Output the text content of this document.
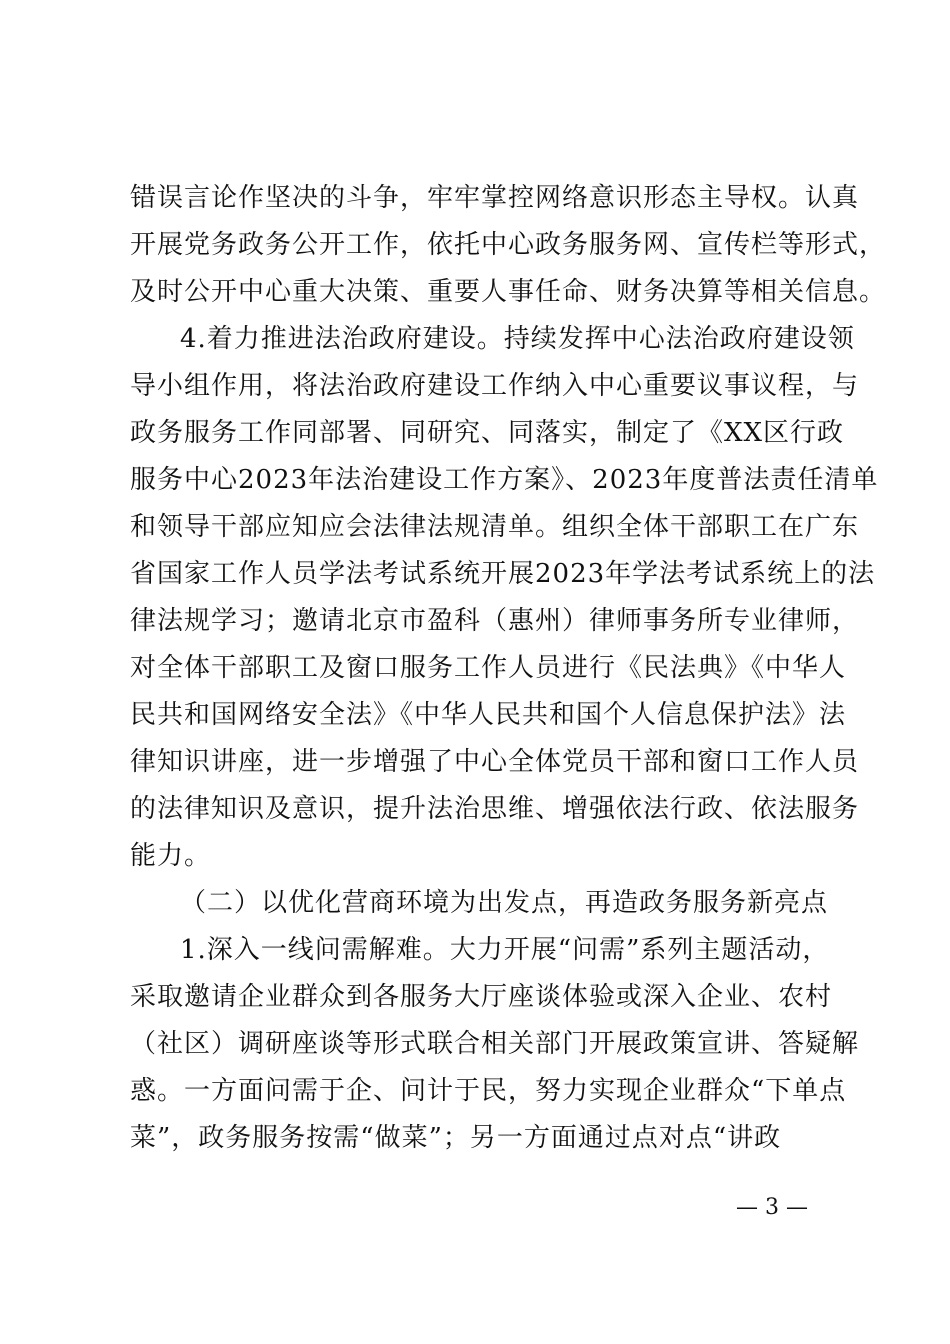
错误言论作坚决的斗争，牢牢掌控网络意识形态主导权。认真
开展党务政务公开工作，依托中心政务服务网、宣传栏等形式，
及时公开中心重大决策、重要人事任命、财务决算等相关信息。
4.着力推进法治政府建设。持续发挥中心法治政府建设领
导小组作用，将法治政府建设工作纳入中心重要议事议程，与
政务服务工作同部署、同研究、同落实，制定了《XX区行政
服务中心2023年法治建设工作方案》、2023年度普法责任清单
和领导干部应知应会法律法规清单。组织全体干部职工在广东
省国家工作人员学法考试系统开展2023年学法考试系统上的法
律法规学习；邀请北京市盈科（惠州）律师事务所专业律师，
对全体干部职工及窗口服务工作人员进行《民法典》《中华人
民共和国网络安全法》《中华人民共和国个人信息保护法》法
律知识讲座，进一步增强了中心全体党员干部和窗口工作人员
的法律知识及意识，提升法治思维、增强依法行政、依法服务
能力。
（二）以优化营商环境为出发点，再造政务服务新亮点
1.深入一线问需解难。大力开展“问需”系列主题活动，
采取邀请企业群众到各服务大厅座谈体验或深入企业、农村
（社区）调研座谈等形式联合相关部门开展政策宣讲、答疑解
惑。一方面问需于企、问计于民，努力实现企业群众“下单点
菜”，政务服务按需“做菜”；另一方面通过点对点“讲政
— 3 —
